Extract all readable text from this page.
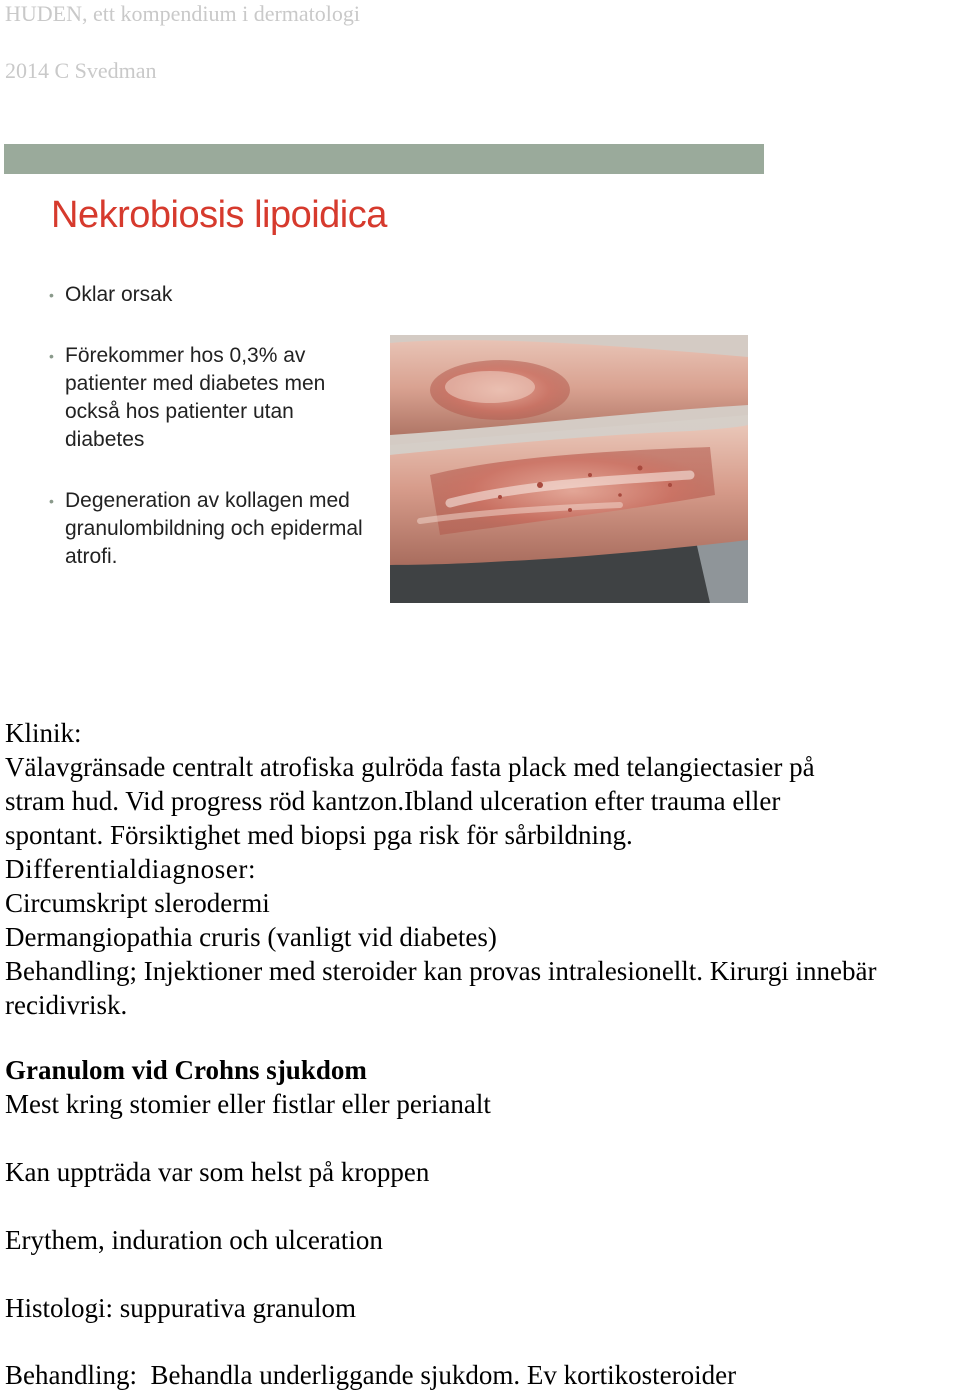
HUDEN, ett kompendium i dermatologi
2014 C Svedman
Nekrobiosis lipoidica
• Oklar orsak
• Förekommer hos 0,3% av patienter med diabetes men också hos patienter utan diabetes
• Degeneration av kollagen med granulombildning och epidermal atrofi.
Klinik:
Välavgränsade centralt atrofiska gulröda fasta plack med telangiectasier på
stram hud. Vid progress röd kantzon.Ibland ulceration efter trauma eller
spontant. Försiktighet med biopsi pga risk för sårbildning.
Differentialdiagnoser:
Circumskript slerodermi
Dermangiopathia cruris (vanligt vid diabetes)
Behandling; Injektioner med steroider kan provas intralesionellt. Kirurgi innebär
recidivrisk.
Granulom vid Crohns sjukdom
Mest kring stomier eller fistlar eller perianalt
Kan uppträda var som helst på kroppen
Erythem, induration och ulceration
Histologi: suppurativa granulom
Behandling:  Behandla underliggande sjukdom. Ev kortikosteroider
